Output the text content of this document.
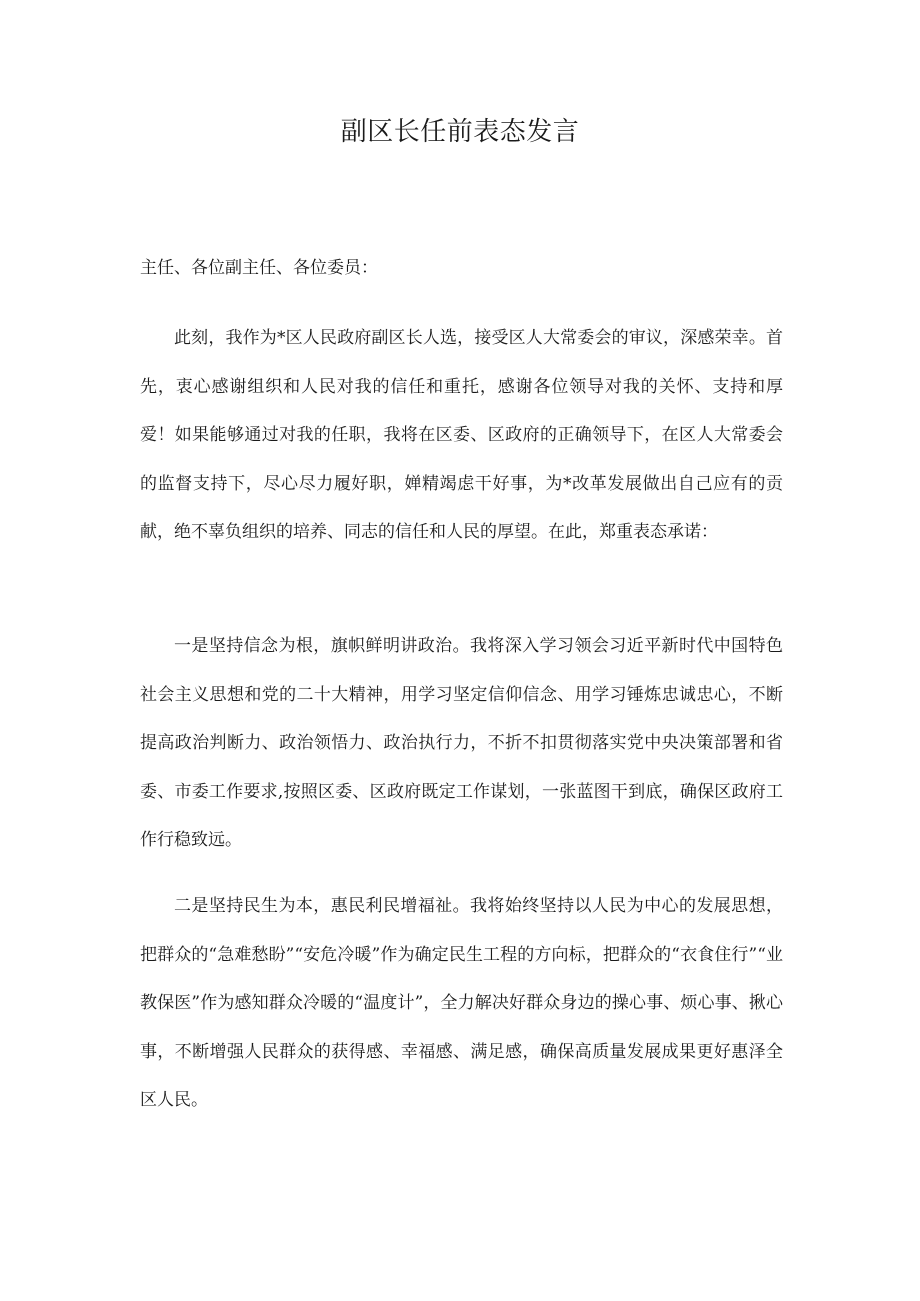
副区长任前表态发言

主任、各位副主任、各位委员：

此刻，我作为*区人民政府副区长人选，接受区人大常委会的审议，深感荣幸。首先，衷心感谢组织和人民对我的信任和重托，感谢各位领导对我的关怀、支持和厚爱！如果能够通过对我的任职，我将在区委、区政府的正确领导下，在区人大常委会的监督支持下，尽心尽力履好职，婵精竭虑干好事，为*改革发展做出自己应有的贡献，绝不辜负组织的培养、同志的信任和人民的厚望。在此，郑重表态承诺：

一是坚持信念为根，旗帜鲜明讲政治。我将深入学习领会习近平新时代中国特色社会主义思想和党的二十大精神，用学习坚定信仰信念、用学习锤炼忠诚忠心，不断提高政治判断力、政治领悟力、政治执行力，不折不扣贯彻落实党中央决策部署和省委、市委工作要求,按照区委、区政府既定工作谋划，一张蓝图干到底，确保区政府工作行稳致远。

二是坚持民生为本，惠民利民增福祉。我将始终坚持以人民为中心的发展思想，把群众的“急难愁盼”“安危冷暖”作为确定民生工程的方向标，把群众的“衣食住行”“业教保医”作为感知群众冷暖的“温度计”，全力解决好群众身边的操心事、烦心事、揪心事，不断增强人民群众的获得感、幸福感、满足感，确保高质量发展成果更好惠泽全区人民。
